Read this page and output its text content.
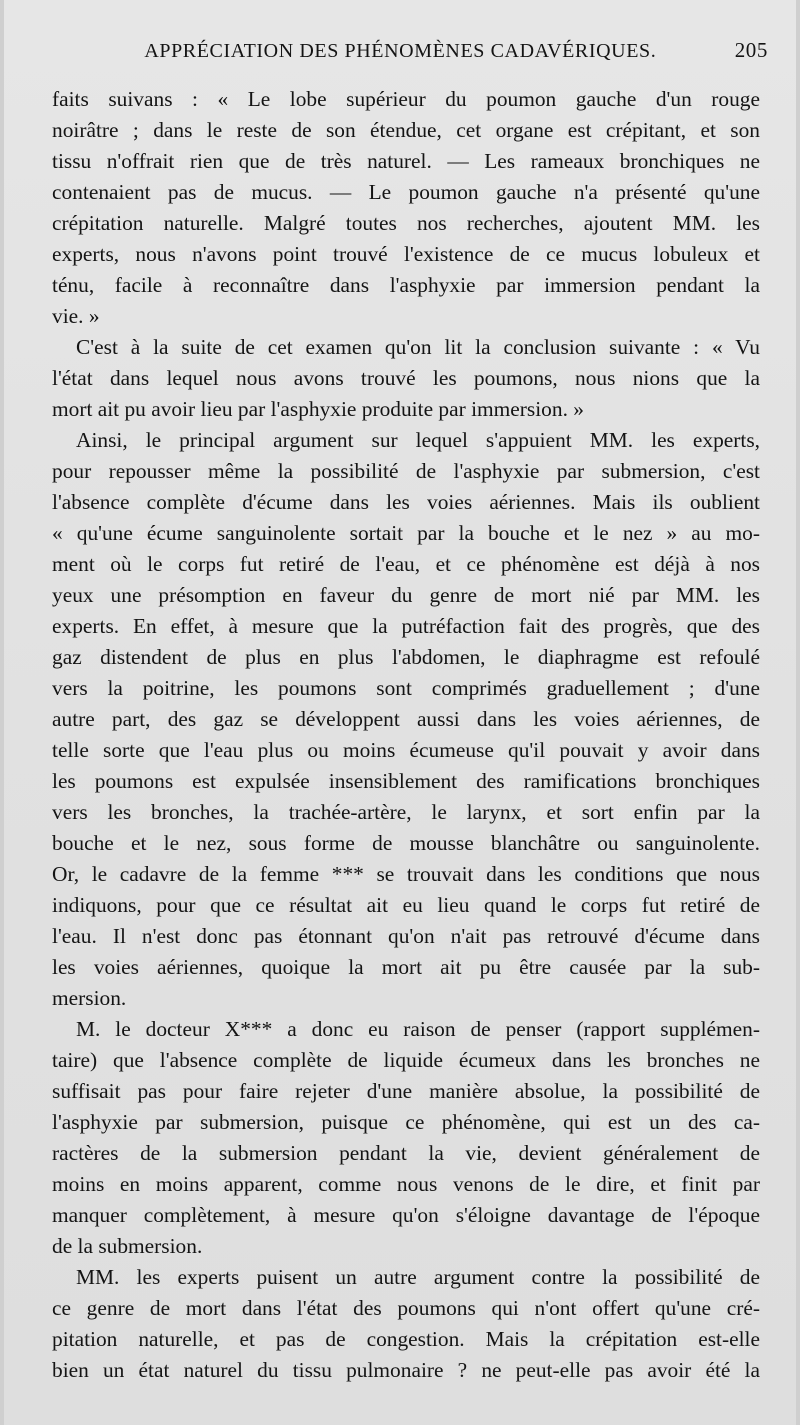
APPRÉCIATION DES PHÉNOMÈNES CADAVÉRIQUES.	205
faits suivans : « Le lobe supérieur du poumon gauche d'un rouge
noirâtre ; dans le reste de son étendue, cet organe est crépitant, et son
tissu n'offrait rien que de très naturel. — Les rameaux bronchiques ne
contenaient pas de mucus. — Le poumon gauche n'a présenté qu'une
crépitation naturelle. Malgré toutes nos recherches, ajoutent MM. les
experts, nous n'avons point trouvé l'existence de ce mucus lobuleux et
ténu, facile à reconnaître dans l'asphyxie par immersion pendant la
vie. »
C'est à la suite de cet examen qu'on lit la conclusion suivante : « Vu
l'état dans lequel nous avons trouvé les poumons, nous nions que la
mort ait pu avoir lieu par l'asphyxie produite par immersion. »
Ainsi, le principal argument sur lequel s'appuient MM. les experts,
pour repousser même la possibilité de l'asphyxie par submersion, c'est
l'absence complète d'écume dans les voies aériennes. Mais ils oublient
« qu'une écume sanguinolente sortait par la bouche et le nez » au mo-
ment où le corps fut retiré de l'eau, et ce phénomène est déjà à nos
yeux une présomption en faveur du genre de mort nié par MM. les
experts. En effet, à mesure que la putréfaction fait des progrès, que des
gaz distendent de plus en plus l'abdomen, le diaphragme est refoulé
vers la poitrine, les poumons sont comprimés graduellement ; d'une
autre part, des gaz se développent aussi dans les voies aériennes, de
telle sorte que l'eau plus ou moins écumeuse qu'il pouvait y avoir dans
les poumons est expulsée insensiblement des ramifications bronchiques
vers les bronches, la trachée-artère, le larynx, et sort enfin par la
bouche et le nez, sous forme de mousse blanchâtre ou sanguinolente.
Or, le cadavre de la femme *** se trouvait dans les conditions que nous
indiquons, pour que ce résultat ait eu lieu quand le corps fut retiré de
l'eau. Il n'est donc pas étonnant qu'on n'ait pas retrouvé d'écume dans
les voies aériennes, quoique la mort ait pu être causée par la sub-
mersion.
M. le docteur X*** a donc eu raison de penser (rapport supplémen-
taire) que l'absence complète de liquide écumeux dans les bronches ne
suffisait pas pour faire rejeter d'une manière absolue, la possibilité de
l'asphyxie par submersion, puisque ce phénomène, qui est un des ca-
ractères de la submersion pendant la vie, devient généralement de
moins en moins apparent, comme nous venons de le dire, et finit par
manquer complètement, à mesure qu'on s'éloigne davantage de l'époque
de la submersion.
MM. les experts puisent un autre argument contre la possibilité de
ce genre de mort dans l'état des poumons qui n'ont offert qu'une cré-
pitation naturelle, et pas de congestion. Mais la crépitation est-elle
bien un état naturel du tissu pulmonaire ? ne peut-elle pas avoir été la
